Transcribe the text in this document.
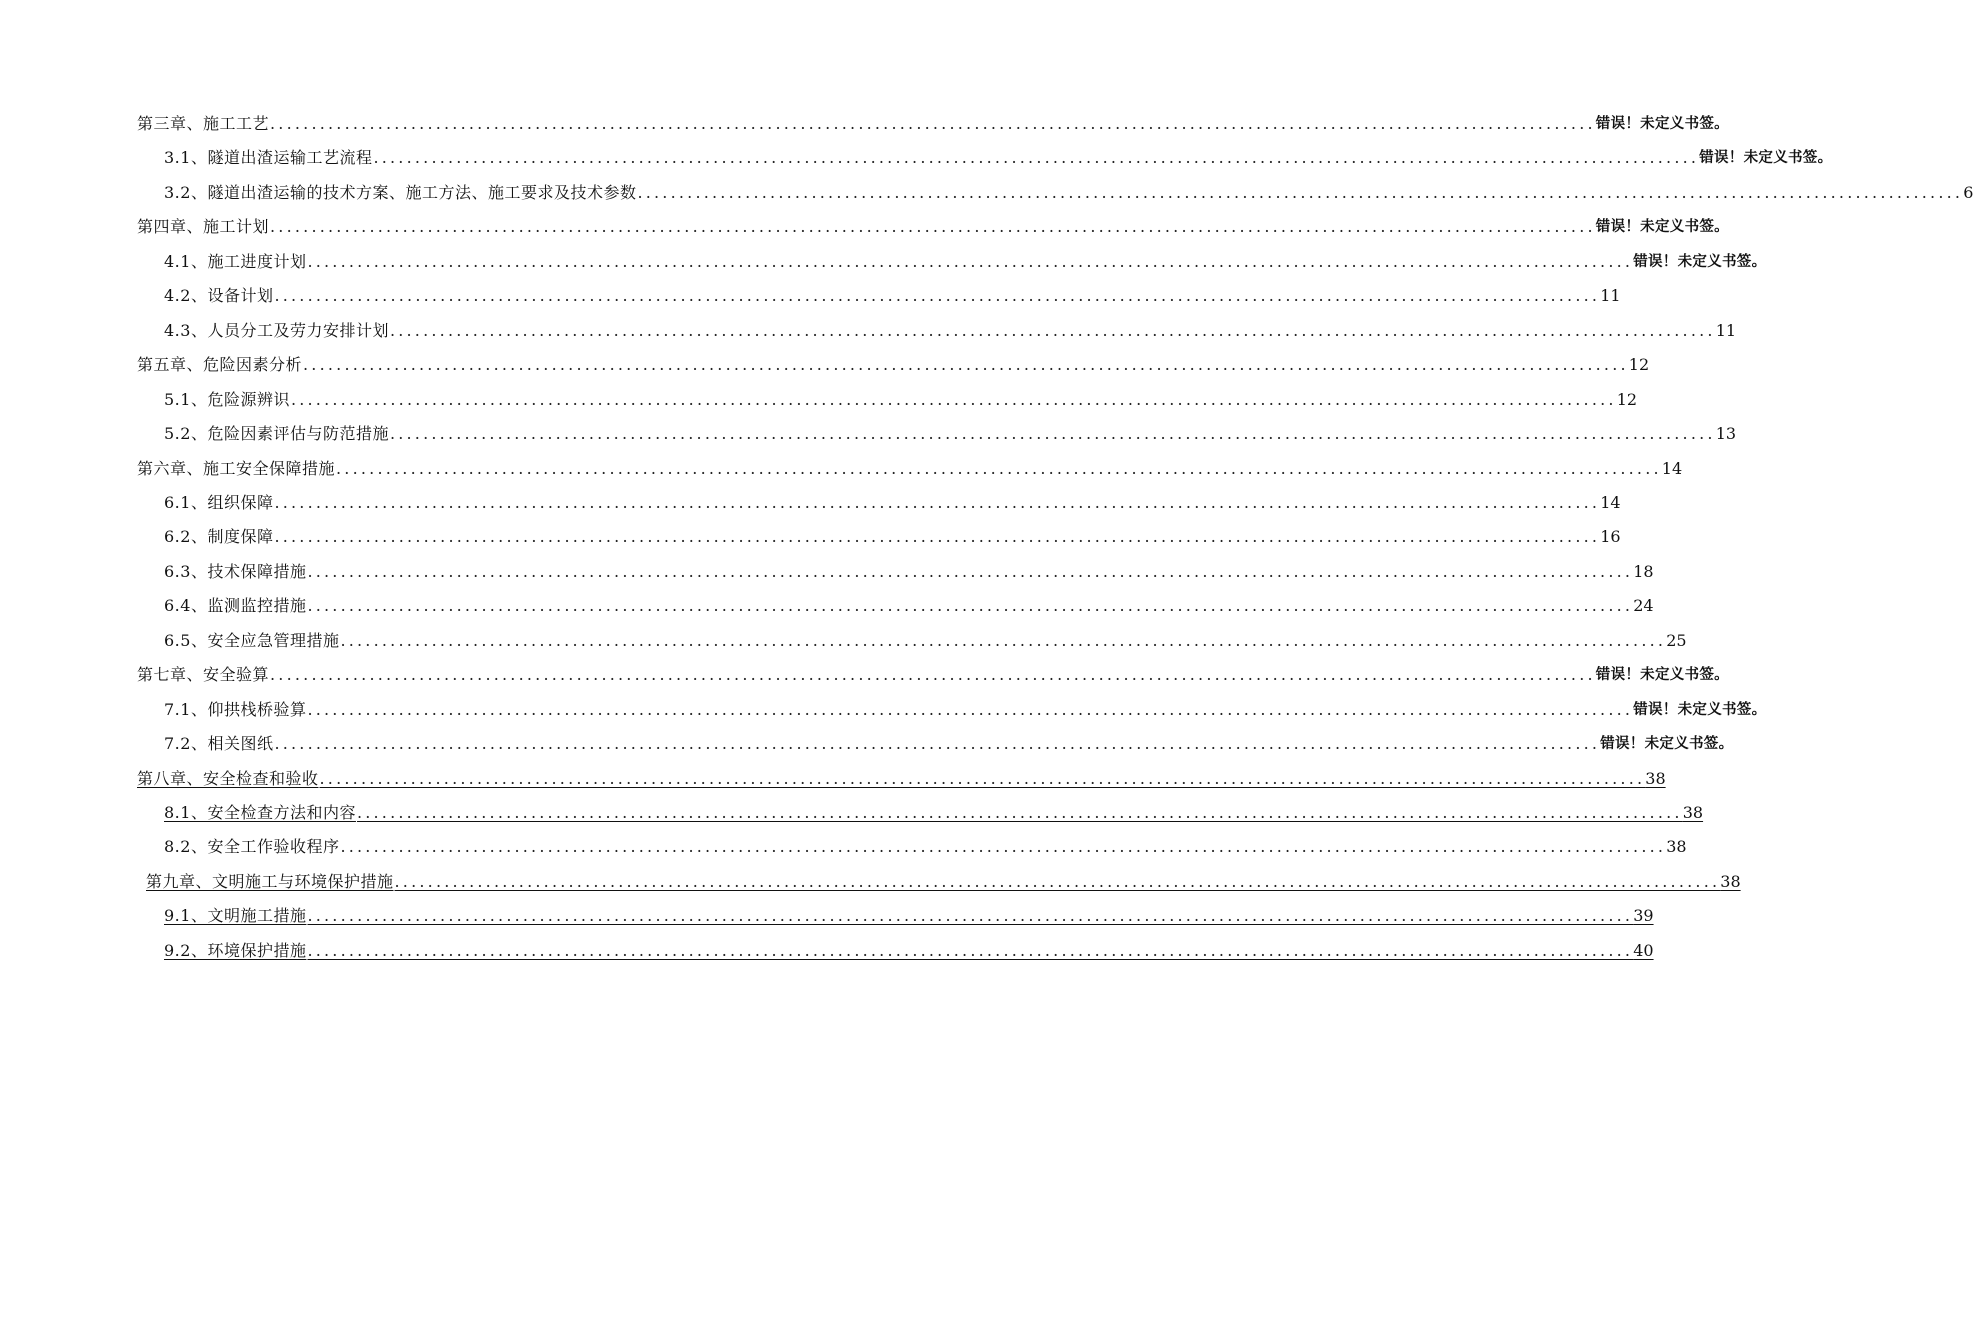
第三章、施工工艺 ................................................................................................................................................................ 错误！未定义书签。
3.1、隧道出渣运输工艺流程 ................................................................................................................................................................ 错误！未定义书签。
3.2、隧道出渣运输的技术方案、施工方法、施工要求及技术参数 ................................................................................................................................................................ 6
第四章、施工计划 ................................................................................................................................................................ 错误！未定义书签。
4.1、施工进度计划 ................................................................................................................................................................ 错误！未定义书签。
4.2、设备计划 ................................................................................................................................................................ 11
4.3、人员分工及劳力安排计划 ................................................................................................................................................................ 11
第五章、危险因素分析 ................................................................................................................................................................ 12
5.1、危险源辨识 ................................................................................................................................................................ 12
5.2、危险因素评估与防范措施 ................................................................................................................................................................ 13
第六章、施工安全保障措施 ................................................................................................................................................................ 14
6.1、组织保障 ................................................................................................................................................................ 14
6.2、制度保障 ................................................................................................................................................................ 16
6.3、技术保障措施 ................................................................................................................................................................ 18
6.4、监测监控措施 ................................................................................................................................................................ 24
6.5、安全应急管理措施 ................................................................................................................................................................ 25
第七章、安全验算 ................................................................................................................................................................ 错误！未定义书签。
7.1、仰拱栈桥验算 ................................................................................................................................................................ 错误！未定义书签。
7.2、相关图纸 ................................................................................................................................................................ 错误！未定义书签。
第八章、安全检查和验收 ................................................................................................................................................................ 38
8.1、安全检查方法和内容 ................................................................................................................................................................ 38
8.2、安全工作验收程序 ................................................................................................................................................................ 38
第九章、文明施工与环境保护措施 ................................................................................................................................................................ 38
9.1、文明施工措施 ................................................................................................................................................................ 39
9.2、环境保护措施 ................................................................................................................................................................ 40
